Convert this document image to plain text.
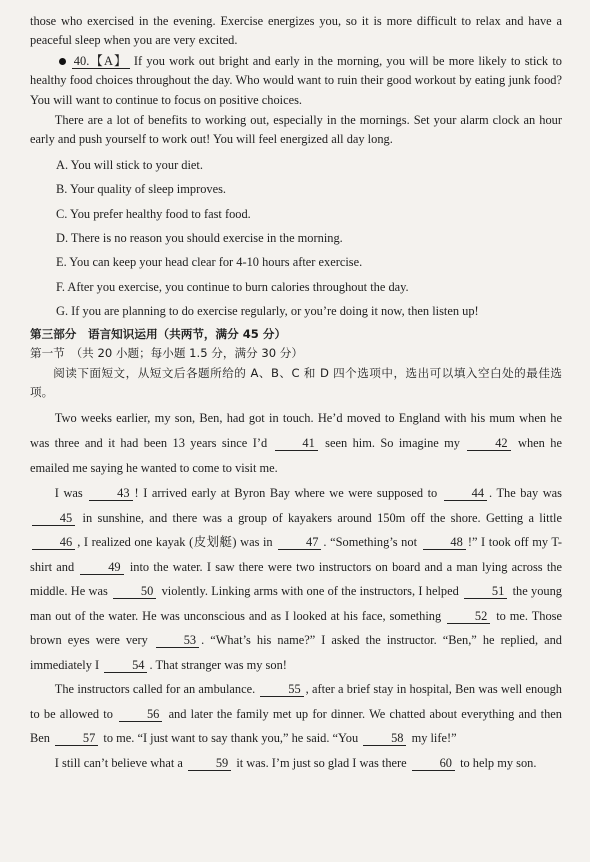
those who exercised in the evening. Exercise energizes you, so it is more difficult to relax and have a peaceful sleep when you are very excited.

40.【A】 If you work out bright and early in the morning, you will be more likely to stick to healthy food choices throughout the day. Who would want to ruin their good workout by eating junk food? You will want to continue to focus on positive choices.

There are a lot of benefits to working out, especially in the mornings. Set your alarm clock an hour early and push yourself to work out! You will feel energized all day long.

A. You will stick to your diet.

B. Your quality of sleep improves.

C. You prefer healthy food to fast food.

D. There is no reason you should exercise in the morning.

E. You can keep your head clear for 4-10 hours after exercise.

F. After you exercise, you continue to burn calories throughout the day.

G. If you are planning to do exercise regularly, or you’re doing it now, then listen up!

第三部分　语言知识运用（共两节，满分 45 分）

第一节　（共 20 小题；每小题 1.5 分，满分 30 分）

阅读下面短文，从短文后各题所给的 A、B、C 和 D 四个选项中，选出可以填入空白处的最佳选项。

Two weeks earlier, my son, Ben, had got in touch. He’d moved to England with his mum when he was three and it had been 13 years since I’d	41 seen him. So imagine my	42 when he emailed me saying he wanted to come to visit me.

I was	43 ! I arrived early at Byron Bay where we were supposed to	44 . The bay was 45 in sunshine, and there was a group of kayakers around 150m off the shore. Getting a little 46 , I realized one kayak (皮划艇) was in	47 . “Something’s not	48 !” I took off my T-shirt and	49 into the water. I saw there were two instructors on board and a man lying across the middle. He was	50 violently. Linking arms with one of the instructors, I helped	51 the young man out of the water. He was unconscious and as I looked at his face, something	52 to me. Those brown eyes were very	53 . “What’s his name?” I asked the instructor. “Ben,” he replied, and immediately I	54 . That stranger was my son!

The instructors called for an ambulance.	55 , after a brief stay in hospital, Ben was well enough to be allowed to	56 and later the family met up for dinner. We chatted about everything and then Ben	57 to me. “I just want to say thank you,” he said. “You	58 my life!”

I still can’t believe what a	59 it was. I’m just so glad I was there	60 to help my son.
